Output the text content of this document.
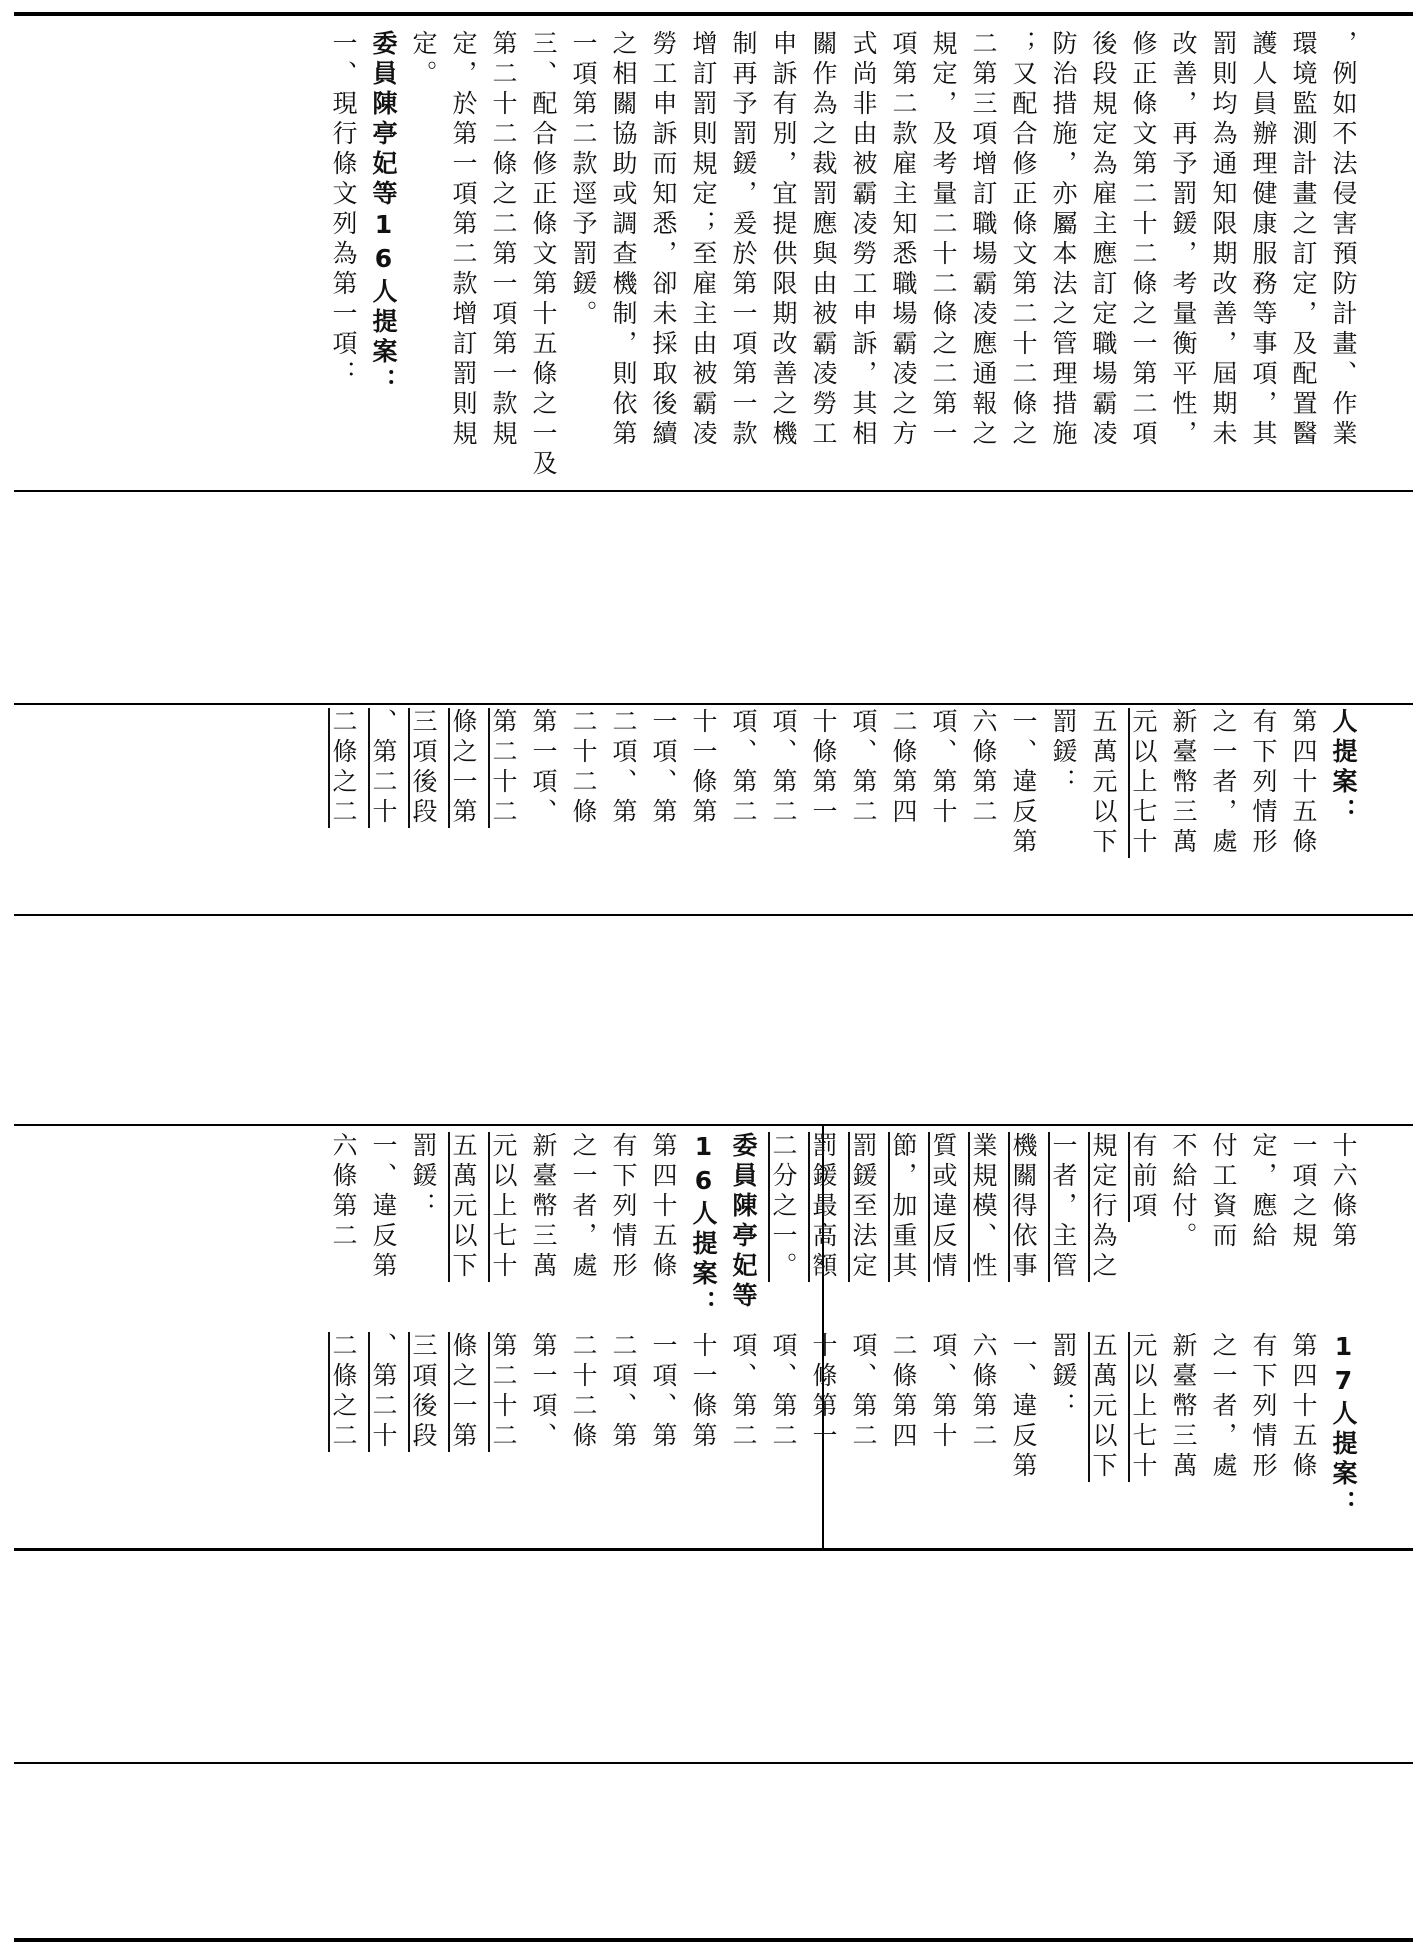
，例如不法侵害預防計畫、作業

環境監測計畫之訂定，及配置醫

護人員辦理健康服務等事項，其

罰則均為通知限期改善，屆期未

改善，再予罰鍰，考量衡平性，

修正條文第二十二條之一第二項

後段規定為雇主應訂定職場霸凌

防治措施，亦屬本法之管理措施

；又配合修正條文第二十二條之

二第三項增訂職場霸凌應通報之

規定，及考量二十二條之二第一

項第二款雇主知悉職場霸凌之方

式尚非由被霸凌勞工申訴，其相

關作為之裁罰應與由被霸凌勞工

申訴有別，宜提供限期改善之機

制再予罰鍰，爰於第一項第一款

增訂罰則規定；至雇主由被霸凌

勞工申訴而知悉，卻未採取後續

之相關協助或調查機制，則依第

一項第二款逕予罰鍰。

三、配合修正條文第十五條之一及

第二十二條之二第一項第一款規

定，於第一項第二款增訂罰則規

定。

委員陳亭妃等16人提案：

一、現行條文列為第一項：

人提案：

第四十五條

有下列情形

之一者，處

新臺幣三萬

元以上七十

五萬元以下

罰鍰：

一、違反第

六條第二

項、第十

二條第四

項、第二

十條第一

項、第二

項、第二

十一條第

一項、第

二項、第

二十二條

第一項、

第二十二

條之一第

三項後段

、第二十

二條之二

17人提案：

第四十五條

有下列情形

之一者，處

新臺幣三萬

元以上七十

五萬元以下

罰鍰：

一、違反第

六條第二

項、第十

二條第四

項、第二

十條第一

項、第二

項、第二

十一條第

一項、第

二項、第

二十二條

第一項、

第二十二

條之一第

三項後段

、第二十

二條之二

十六條第

一項之規

定，應給

付工資而

不給付。

有前項

規定行為之

一者，主管

機關得依事

業規模、性

質或違反情

節，加重其

罰鍰至法定

罰鍰最高額

二分之一。

委員陳亭妃等

16人提案：

第四十五條

有下列情形

之一者，處

新臺幣三萬

元以上七十

五萬元以下

罰鍰：

一、違反第

六條第二
